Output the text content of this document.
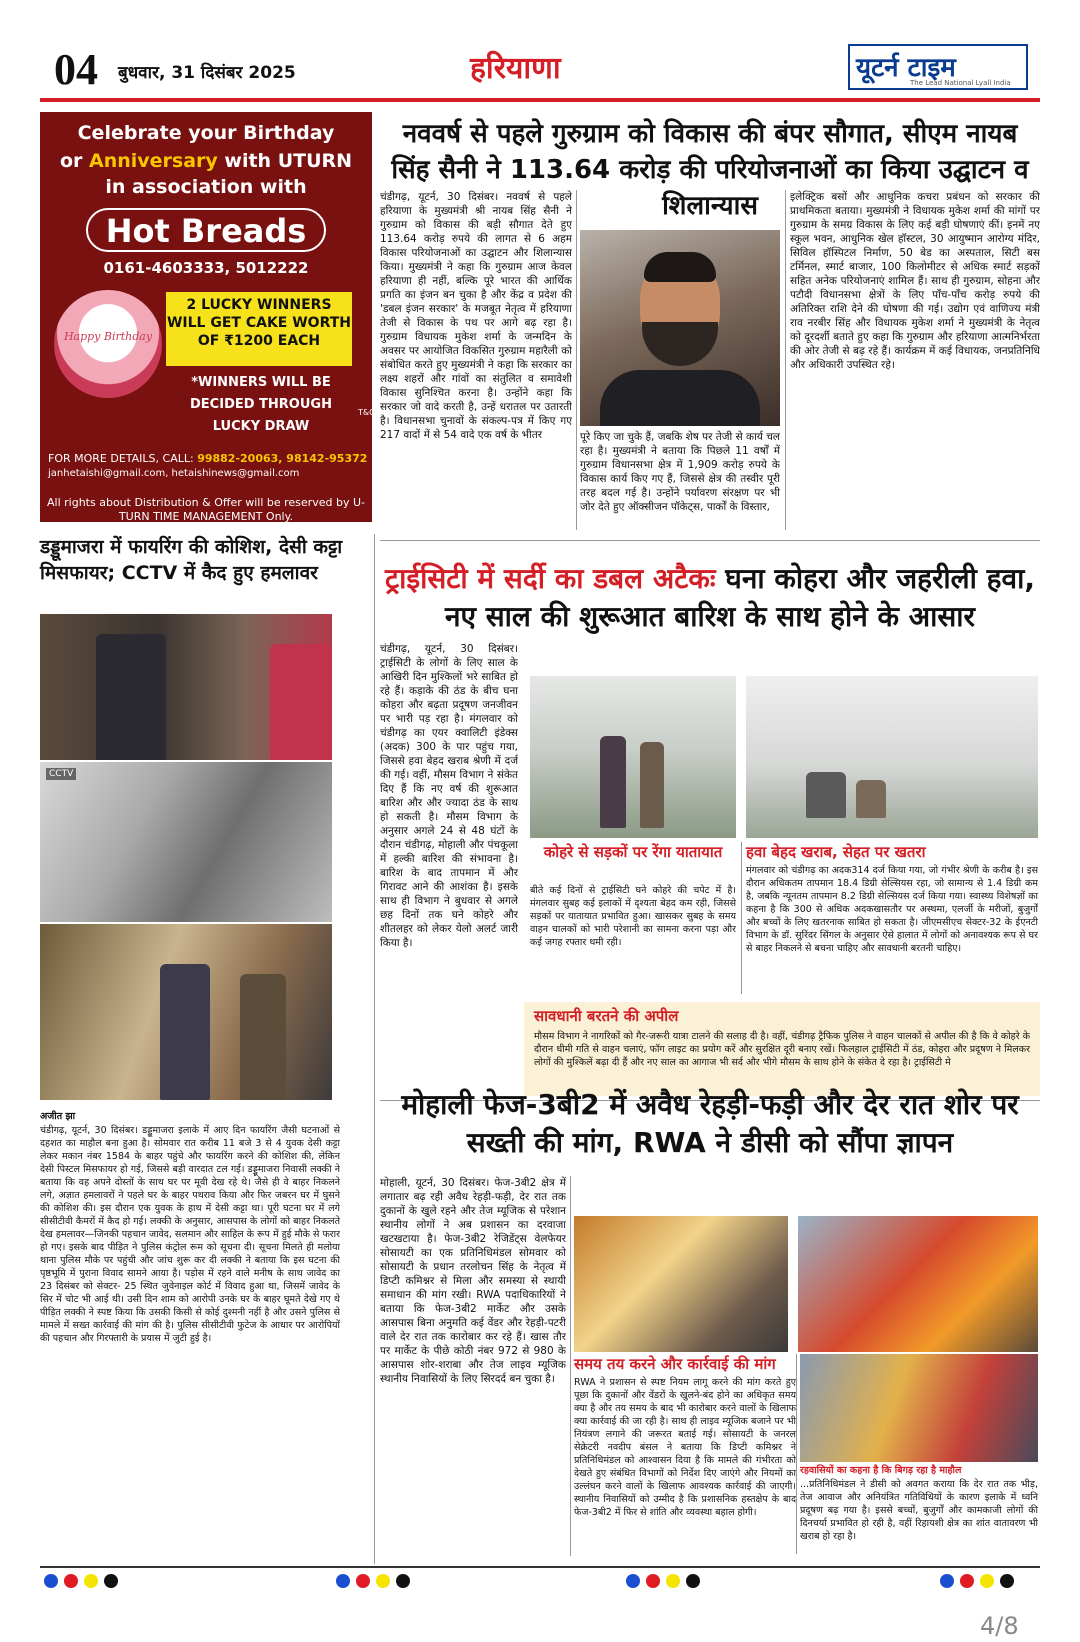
04 बुधवार, 31 दिसंबर 2025	हरियाणा	यूटर्न टाइम
The Lead National Lyall India
Celebrate your Birthday
or Anniversary with UTURN
in association with
Hot Breads
0161-4603333, 5012222
Happy Birthday
2 LUCKY WINNERS WILL GET CAKE WORTH OF ₹1200 EACH
*WINNERS WILL BE DECIDED THROUGH LUCKY DRAW
T&C
FOR MORE DETAILS, CALL: 99882-20063, 98142-95372
janhetaishi@gmail.com, hetaishinews@gmail.com
All rights about Distribution & Offer will be reserved by U-TURN TIME MANAGEMENT Only.
नववर्ष से पहले गुरुग्राम को विकास की बंपर सौगात, सीएम नायब सिंह सैनी ने 113.64 करोड़ की परियोजनाओं का किया उद्घाटन व शिलान्यास
चंडीगढ़, यूटर्न, 30 दिसंबर। नववर्ष से पहले हरियाणा के मुख्यमंत्री श्री नायब सिंह सैनी ने गुरुग्राम को विकास की बड़ी सौगात देते हुए 113.64 करोड़ रुपये की लागत से 6 अहम विकास परियोजनाओं का उद्घाटन और शिलान्यास किया। मुख्यमंत्री ने कहा कि गुरुग्राम आज केवल हरियाणा ही नहीं, बल्कि पूरे भारत की आर्थिक प्रगति का इंजन बन चुका है और केंद्र व प्रदेश की 'डबल इंजन सरकार' के मजबूत नेतृत्व में हरियाणा तेजी से विकास के पथ पर आगे बढ़ रहा है। गुरुग्राम विधायक मुकेश शर्मा के जन्मदिन के अवसर पर आयोजित विकसित गुरुग्राम महारैली को संबोधित करते हुए मुख्यमंत्री ने कहा कि सरकार का लक्ष्य शहरों और गांवों का संतुलित व समावेशी विकास सुनिश्चित करना है। उन्होंने कहा कि सरकार जो वादे करती है, उन्हें धरातल पर उतारती है। विधानसभा चुनावों के संकल्प-पत्र में किए गए 217 वादों में से 54 वादे एक वर्ष के भीतर	पूरे किए जा चुके हैं, जबकि शेष पर तेजी से कार्य चल रहा है। मुख्यमंत्री ने बताया कि पिछले 11 वर्षों में गुरुग्राम विधानसभा क्षेत्र में 1,909 करोड़ रुपये के विकास कार्य किए गए हैं, जिससे क्षेत्र की तस्वीर पूरी तरह बदल गई है। उन्होंने पर्यावरण संरक्षण पर भी जोर देते हुए ऑक्सीजन पॉकेट्स, पार्कों के विस्तार,
इलेक्ट्रिक बसों और आधुनिक कचरा प्रबंधन को सरकार की प्राथमिकता बताया। मुख्यमंत्री ने विधायक मुकेश शर्मा की मांगों पर गुरुग्राम के समग्र विकास के लिए कई बड़ी घोषणाएं कीं। इनमें नए स्कूल भवन, आधुनिक खेल हॉस्टल, 30 आयुष्मान आरोग्य मंदिर, सिविल हॉस्पिटल निर्माण, 50 बेड का अस्पताल, सिटी बस टर्मिनल, स्मार्ट बाजार, 100 किलोमीटर से अधिक स्मार्ट सड़कों सहित अनेक परियोजनाएं शामिल हैं। साथ ही गुरुग्राम, सोहना और पटौदी विधानसभा क्षेत्रों के लिए पाँच-पाँच करोड़ रुपये की अतिरिक्त राशि देने की घोषणा की गई। उद्योग एवं वाणिज्य मंत्री राव नरबीर सिंह और विधायक मुकेश शर्मा ने मुख्यमंत्री के नेतृत्व को दूरदर्शी बताते हुए कहा कि गुरुग्राम और हरियाणा आत्मनिर्भरता की ओर तेजी से बढ़ रहे हैं। कार्यक्रम में कई विधायक, जनप्रतिनिधि और अधिकारी उपस्थित रहे।
डड्डूमाजरा में फायरिंग की कोशिश, देसी कट्टा मिसफायर; CCTV में कैद हुए हमलावर
CCTV
अजीत झा
चंडीगढ़, यूटर्न, 30 दिसंबर। डड्डूमाजरा इलाके में आए दिन फायरिंग जैसी घटनाओं से दहशत का माहौल बना हुआ है। सोमवार रात करीब 11 बजे 3 से 4 युवक देसी कट्टा लेकर मकान नंबर 1584 के बाहर पहुंचे और फायरिंग करने की कोशिश की, लेकिन देसी पिस्टल मिसफायर हो गई, जिससे बड़ी वारदात टल गई। डड्डूमाजरा निवासी लक्की ने बताया कि वह अपने दोस्तों के साथ घर पर मूवी देख रहे थे। जैसे ही वे बाहर निकलने लगे, अज्ञात हमलावरों ने पहले घर के बाहर पथराव किया और फिर जबरन घर में घुसने की कोशिश की। इस दौरान एक युवक के हाथ में देसी कट्टा था। पूरी घटना घर में लगे सीसीटीवी कैमरों में कैद हो गई। लक्की के अनुसार, आसपास के लोगों को बाहर निकलते देख हमलावर—जिनकी पहचान जावेद, सलमान और साहिल के रूप में हुई मौके से फरार हो गए। इसके बाद पीड़ित ने पुलिस कंट्रोल रूम को सूचना दी। सूचना मिलते ही मलोया थाना पुलिस मौके पर पहुंची और जांच शुरू कर दी लक्की ने बताया कि इस घटना की पृष्ठभूमि में पुराना विवाद सामने आया है। पड़ोस में रहने वाले मनीष के साथ जावेद का 23 दिसंबर को सेक्टर- 25 स्थित जुवेनाइल कोर्ट में विवाद हुआ था, जिसमें जावेद के सिर में चोट भी आई थी। उसी दिन शाम को आरोपी उनके घर के बाहर घूमते देखे गए थे पीड़ित लक्की ने स्पष्ट किया कि उसकी किसी से कोई दुश्मनी नहीं है और उसने पुलिस से मामले में सख्त कार्रवाई की मांग की है। पुलिस सीसीटीवी फुटेज के आधार पर आरोपियों की पहचान और गिरफ्तारी के प्रयास में जुटी हुई है।
ट्राईसिटी में सर्दी का डबल अटैकः घना कोहरा और जहरीली हवा, नए साल की शुरूआत बारिश के साथ होने के आसार
चंडीगढ़, यूटर्न, 30 दिसंबर। ट्राईसिटी के लोगों के लिए साल के आखिरी दिन मुश्किलों भरे साबित हो रहे हैं। कड़ाके की ठंड के बीच घना कोहरा और बढ़ता प्रदूषण जनजीवन पर भारी पड़ रहा है। मंगलवार को चंडीगढ़ का एयर क्वालिटी इंडेक्स (अदक) 300 के पार पहुंच गया, जिससे हवा बेहद खराब श्रेणी में दर्ज की गई। वहीं, मौसम विभाग ने संकेत दिए हैं कि नए वर्ष की शुरूआत बारिश और और ज्यादा ठंड के साथ हो सकती है। मौसम विभाग के अनुसार अगले 24 से 48 घंटों के दौरान चंडीगढ़, मोहाली और पंचकूला में हल्की बारिश की संभावना है। बारिश के बाद तापमान में और गिरावट आने की आशंका है। इसके साथ ही विभाग ने बुधवार से अगले छह दिनों तक घने कोहरे और शीतलहर को लेकर येलो अलर्ट जारी किया है।
कोहरे से सड़कों पर रेंगा यातायात
बीते कई दिनों से ट्राईसिटी घने कोहरे की चपेट में है। मंगलवार सुबह कई इलाकों में दृश्यता बेहद कम रही, जिससे सड़कों पर यातायात प्रभावित हुआ। खासकर सुबह के समय वाहन चालकों को भारी परेशानी का सामना करना पड़ा और कई जगह रफ्तार थमी रही।
हवा बेहद खराब, सेहत पर खतरा
मंगलवार को चंडीगढ़ का अदक314 दर्ज किया गया, जो गंभीर श्रेणी के करीब है। इस दौरान अधिकतम तापमान 18.4 डिग्री सेल्सियस रहा, जो सामान्य से 1.4 डिग्री कम है, जबकि न्यूनतम तापमान 8.2 डिग्री सेल्सियस दर्ज किया गया। स्वास्थ्य विशेषज्ञों का कहना है कि 300 से अधिक अदकखासतौर पर अस्थमा, एलर्जी के मरीजों, बुजुर्गों और बच्चों के लिए खतरनाक साबित हो सकता है। जीएमसीएच सेक्टर-32 के ईएनटी विभाग के डॉ. सुरिंदर सिंगल के अनुसार ऐसे हालात में लोगों को अनावश्यक रूप से घर से बाहर निकलने से बचना चाहिए और सावधानी बरतनी चाहिए।
सावधानी बरतने की अपील
मौसम विभाग ने नागरिकों को गैर-जरूरी यात्रा टालने की सलाह दी है। वहीं, चंडीगढ़ ट्रैफिक पुलिस ने वाहन चालकों से अपील की है कि वे कोहरे के दौरान धीमी गति से वाहन चलाएं, फॉग लाइट का प्रयोग करें और सुरक्षित दूरी बनाए रखें। फिलहाल ट्राईसिटी में ठंड, कोहरा और प्रदूषण ने मिलकर लोगों की मुश्किलें बढ़ा दी हैं और नए साल का आगाज भी सर्द और भीगे मौसम के साथ होने के संकेत दे रहा है। ट्राईसिटी मे
मोहाली फेज-3बी2 में अवैध रेहड़ी-फड़ी और देर रात शोर पर सख्ती की मांग, RWA ने डीसी को सौंपा ज्ञापन
मोहाली, यूटर्न, 30 दिसंबर। फेज-3बी2 क्षेत्र में लगातार बढ़ रही अवैध रेहड़ी-फड़ी, देर रात तक दुकानों के खुले रहने और तेज म्यूजिक से परेशान स्थानीय लोगों ने अब प्रशासन का दरवाजा खटखटाया है। फेज-3बी2 रेजिडेंट्स वेलफेयर सोसायटी का एक प्रतिनिधिमंडल सोमवार को सोसायटी के प्रधान तरलोचन सिंह के नेतृत्व में डिप्टी कमिश्नर से मिला और समस्या से स्थायी समाधान की मांग रखी। RWA पदाधिकारियों ने बताया कि फेज-3बी2 मार्केट और उसके आसपास बिना अनुमति कई वेंडर और रेहड़ी-पटरी वाले देर रात तक कारोबार कर रहे हैं। खास तौर पर मार्केट के पीछे कोठी नंबर 972 से 980 के आसपास शोर-शराबा और तेज लाइव म्यूजिक स्थानीय निवासियों के लिए सिरदर्द बन चुका है।
समय तय करने और कार्रवाई की मांग
RWA ने प्रशासन से स्पष्ट नियम लागू करने की मांग करते हुए पूछा कि दुकानों और वेंडरों के खुलने-बंद होने का अधिकृत समय क्या है और तय समय के बाद भी कारोबार करने वालों के खिलाफ क्या कार्रवाई की जा रही है। साथ ही लाइव म्यूजिक बजाने पर भी नियंत्रण लगाने की जरूरत बताई गई। सोसायटी के जनरल सेक्रेटरी नवदीप बंसल ने बताया कि डिप्टी कमिश्नर ने प्रतिनिधिमंडल को आश्वासन दिया है कि मामले की गंभीरता को देखते हुए संबंधित विभागों को निर्देश दिए जाएंगे और नियमों का उल्लंघन करने वालों के खिलाफ आवश्यक कार्रवाई की जाएगी। स्थानीय निवासियों को उम्मीद है कि प्रशासनिक हस्तक्षेप के बाद फेज-3बी2 में फिर से शांति और व्यवस्था बहाल होगी।
रहवासियों का कहना है कि बिगड़ रहा है माहौल
...प्रतिनिधिमंडल ने डीसी को अवगत कराया कि देर रात तक भीड़, तेज आवाज और अनियंत्रित गतिविधियों के कारण इलाके में ध्वनि प्रदूषण बढ़ गया है। इससे बच्चों, बुजुर्गों और कामकाजी लोगों की दिनचर्या प्रभावित हो रही है, वहीं रिहायशी क्षेत्र का शांत वातावरण भी खराब हो रहा है।
4/8
